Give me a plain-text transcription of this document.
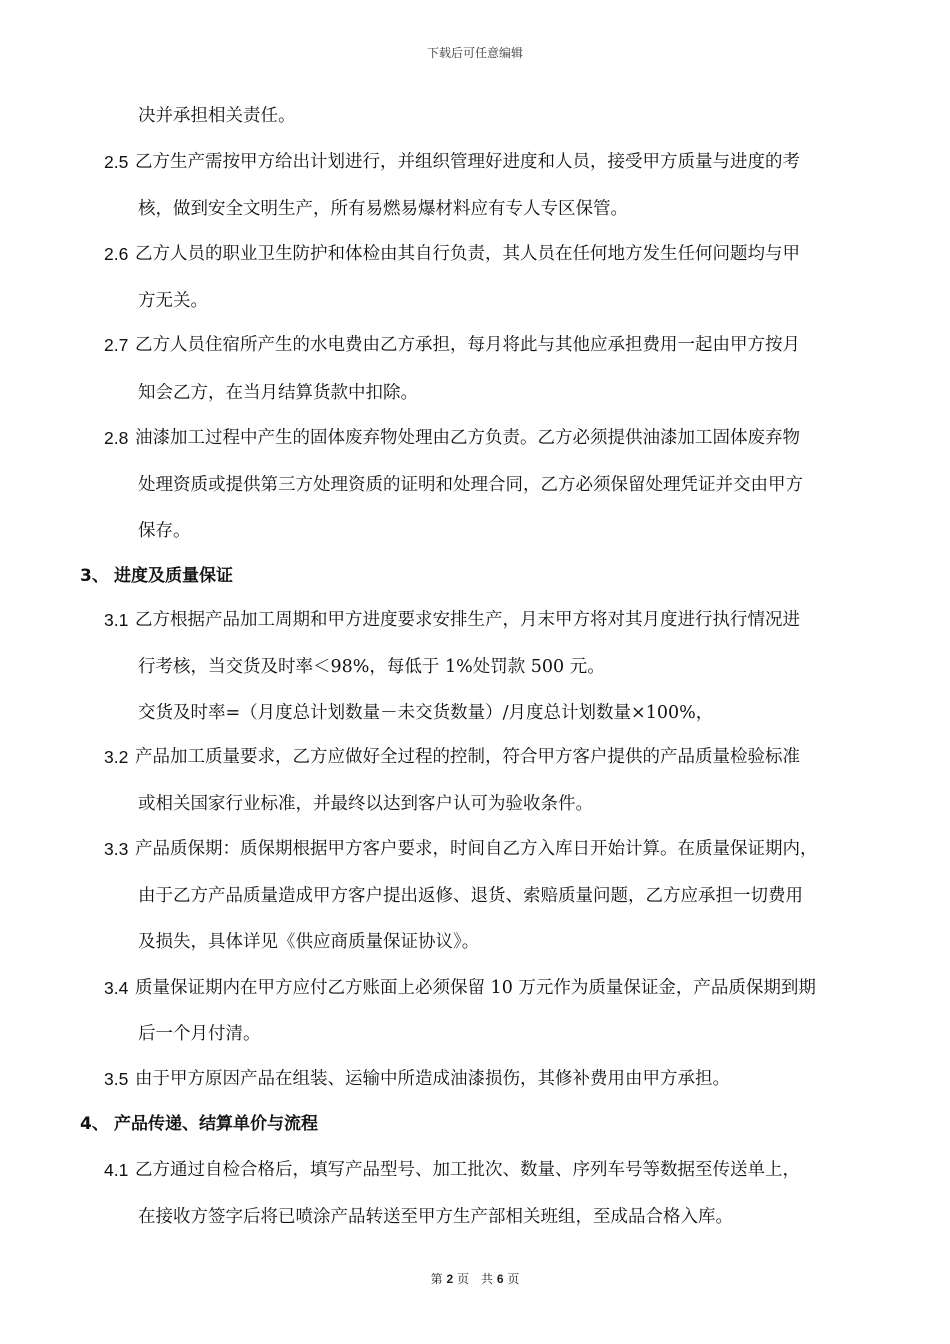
下载后可任意编辑
决并承担相关责任。
2.5 乙方生产需按甲方给出计划进行，并组织管理好进度和人员，接受甲方质量与进度的考
核，做到安全文明生产，所有易燃易爆材料应有专人专区保管。
2.6 乙方人员的职业卫生防护和体检由其自行负责，其人员在任何地方发生任何问题均与甲
方无关。
2.7 乙方人员住宿所产生的水电费由乙方承担，每月将此与其他应承担费用一起由甲方按月
知会乙方，在当月结算货款中扣除。
2.8 油漆加工过程中产生的固体废弃物处理由乙方负责。乙方必须提供油漆加工固体废弃物
处理资质或提供第三方处理资质的证明和处理合同，乙方必须保留处理凭证并交由甲方
保存。
3、 进度及质量保证
3.1 乙方根据产品加工周期和甲方进度要求安排生产，月末甲方将对其月度进行执行情况进
行考核，当交货及时率＜98%，每低于 1%处罚款 500 元。
交货及时率=（月度总计划数量－未交货数量）/月度总计划数量×100%，
3.2 产品加工质量要求，乙方应做好全过程的控制，符合甲方客户提供的产品质量检验标准
或相关国家行业标准，并最终以达到客户认可为验收条件。
3.3 产品质保期：质保期根据甲方客户要求，时间自乙方入库日开始计算。在质量保证期内，
由于乙方产品质量造成甲方客户提出返修、退货、索赔质量问题，乙方应承担一切费用
及损失，具体详见《供应商质量保证协议》。
3.4 质量保证期内在甲方应付乙方账面上必须保留 10 万元作为质量保证金，产品质保期到期
后一个月付清。
3.5 由于甲方原因产品在组装、运输中所造成油漆损伤，其修补费用由甲方承担。
4、 产品传递、结算单价与流程
4.1 乙方通过自检合格后，填写产品型号、加工批次、数量、序列车号等数据至传送单上，
在接收方签字后将已喷涂产品转送至甲方生产部相关班组，至成品合格入库。
第 2 页　共 6 页
